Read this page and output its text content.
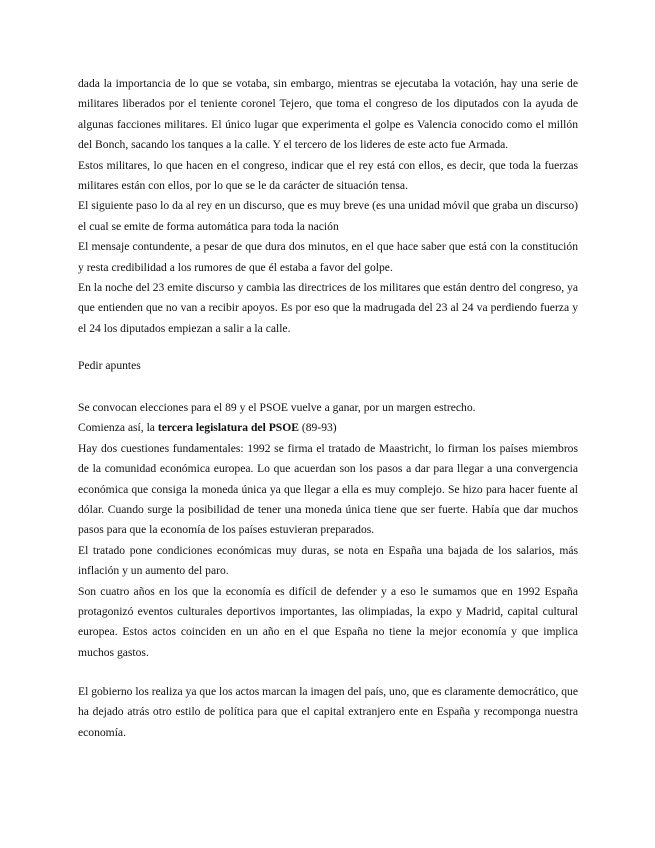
dada la importancia de lo que se votaba, sin embargo, mientras se ejecutaba la votación, hay una serie de militares liberados por el teniente coronel Tejero, que toma el congreso de los diputados con la ayuda de algunas facciones militares. El único lugar que experimenta el golpe es Valencia conocido como el millón del Bonch, sacando los tanques a la calle. Y el tercero de los lideres de este acto fue Armada.

Estos militares, lo que hacen en el congreso, indicar que el rey está con ellos, es decir, que toda la fuerzas militares están con ellos, por lo que se le da carácter de situación tensa.

El siguiente paso lo da al rey en un discurso, que es muy breve (es una unidad móvil que graba un discurso) el cual se emite de forma automática para toda la nación

El mensaje contundente, a pesar de que dura dos minutos, en el que hace saber que está con la constitución y resta credibilidad a los rumores de que él estaba a favor del golpe.

En la noche del 23 emite discurso y cambia las directrices de los militares que están dentro del congreso, ya que entienden que no van a recibir apoyos. Es por eso que la madrugada del 23 al 24 va perdiendo fuerza y el 24 los diputados empiezan a salir a la calle.

Pedir apuntes

Se convocan elecciones para el 89 y el PSOE vuelve a ganar, por un margen estrecho.

Comienza así, la tercera legislatura del PSOE (89-93)

Hay dos cuestiones fundamentales: 1992 se firma el tratado de Maastricht, lo firman los países miembros de la comunidad económica europea. Lo que acuerdan son los pasos a dar para llegar a una convergencia económica que consiga la moneda única ya que llegar a ella es muy complejo. Se hizo para hacer fuente al dólar. Cuando surge la posibilidad de tener una moneda única tiene que ser fuerte. Había que dar muchos pasos para que la economía de los países estuvieran preparados.

El tratado pone condiciones económicas muy duras, se nota en España una bajada de los salarios, más inflación y un aumento del paro.

Son cuatro años en los que la economía es difícil de defender y a eso le sumamos que en 1992 España protagonizó eventos culturales deportivos importantes, las olimpiadas, la expo y Madrid, capital cultural europea. Estos actos coinciden en un año en el que España no tiene la mejor economía y que implica muchos gastos.

El gobierno los realiza ya que los actos marcan la imagen del país, uno, que es claramente democrático, que ha dejado atrás otro estilo de política para que el capital extranjero ente en España y recomponga nuestra economía.
